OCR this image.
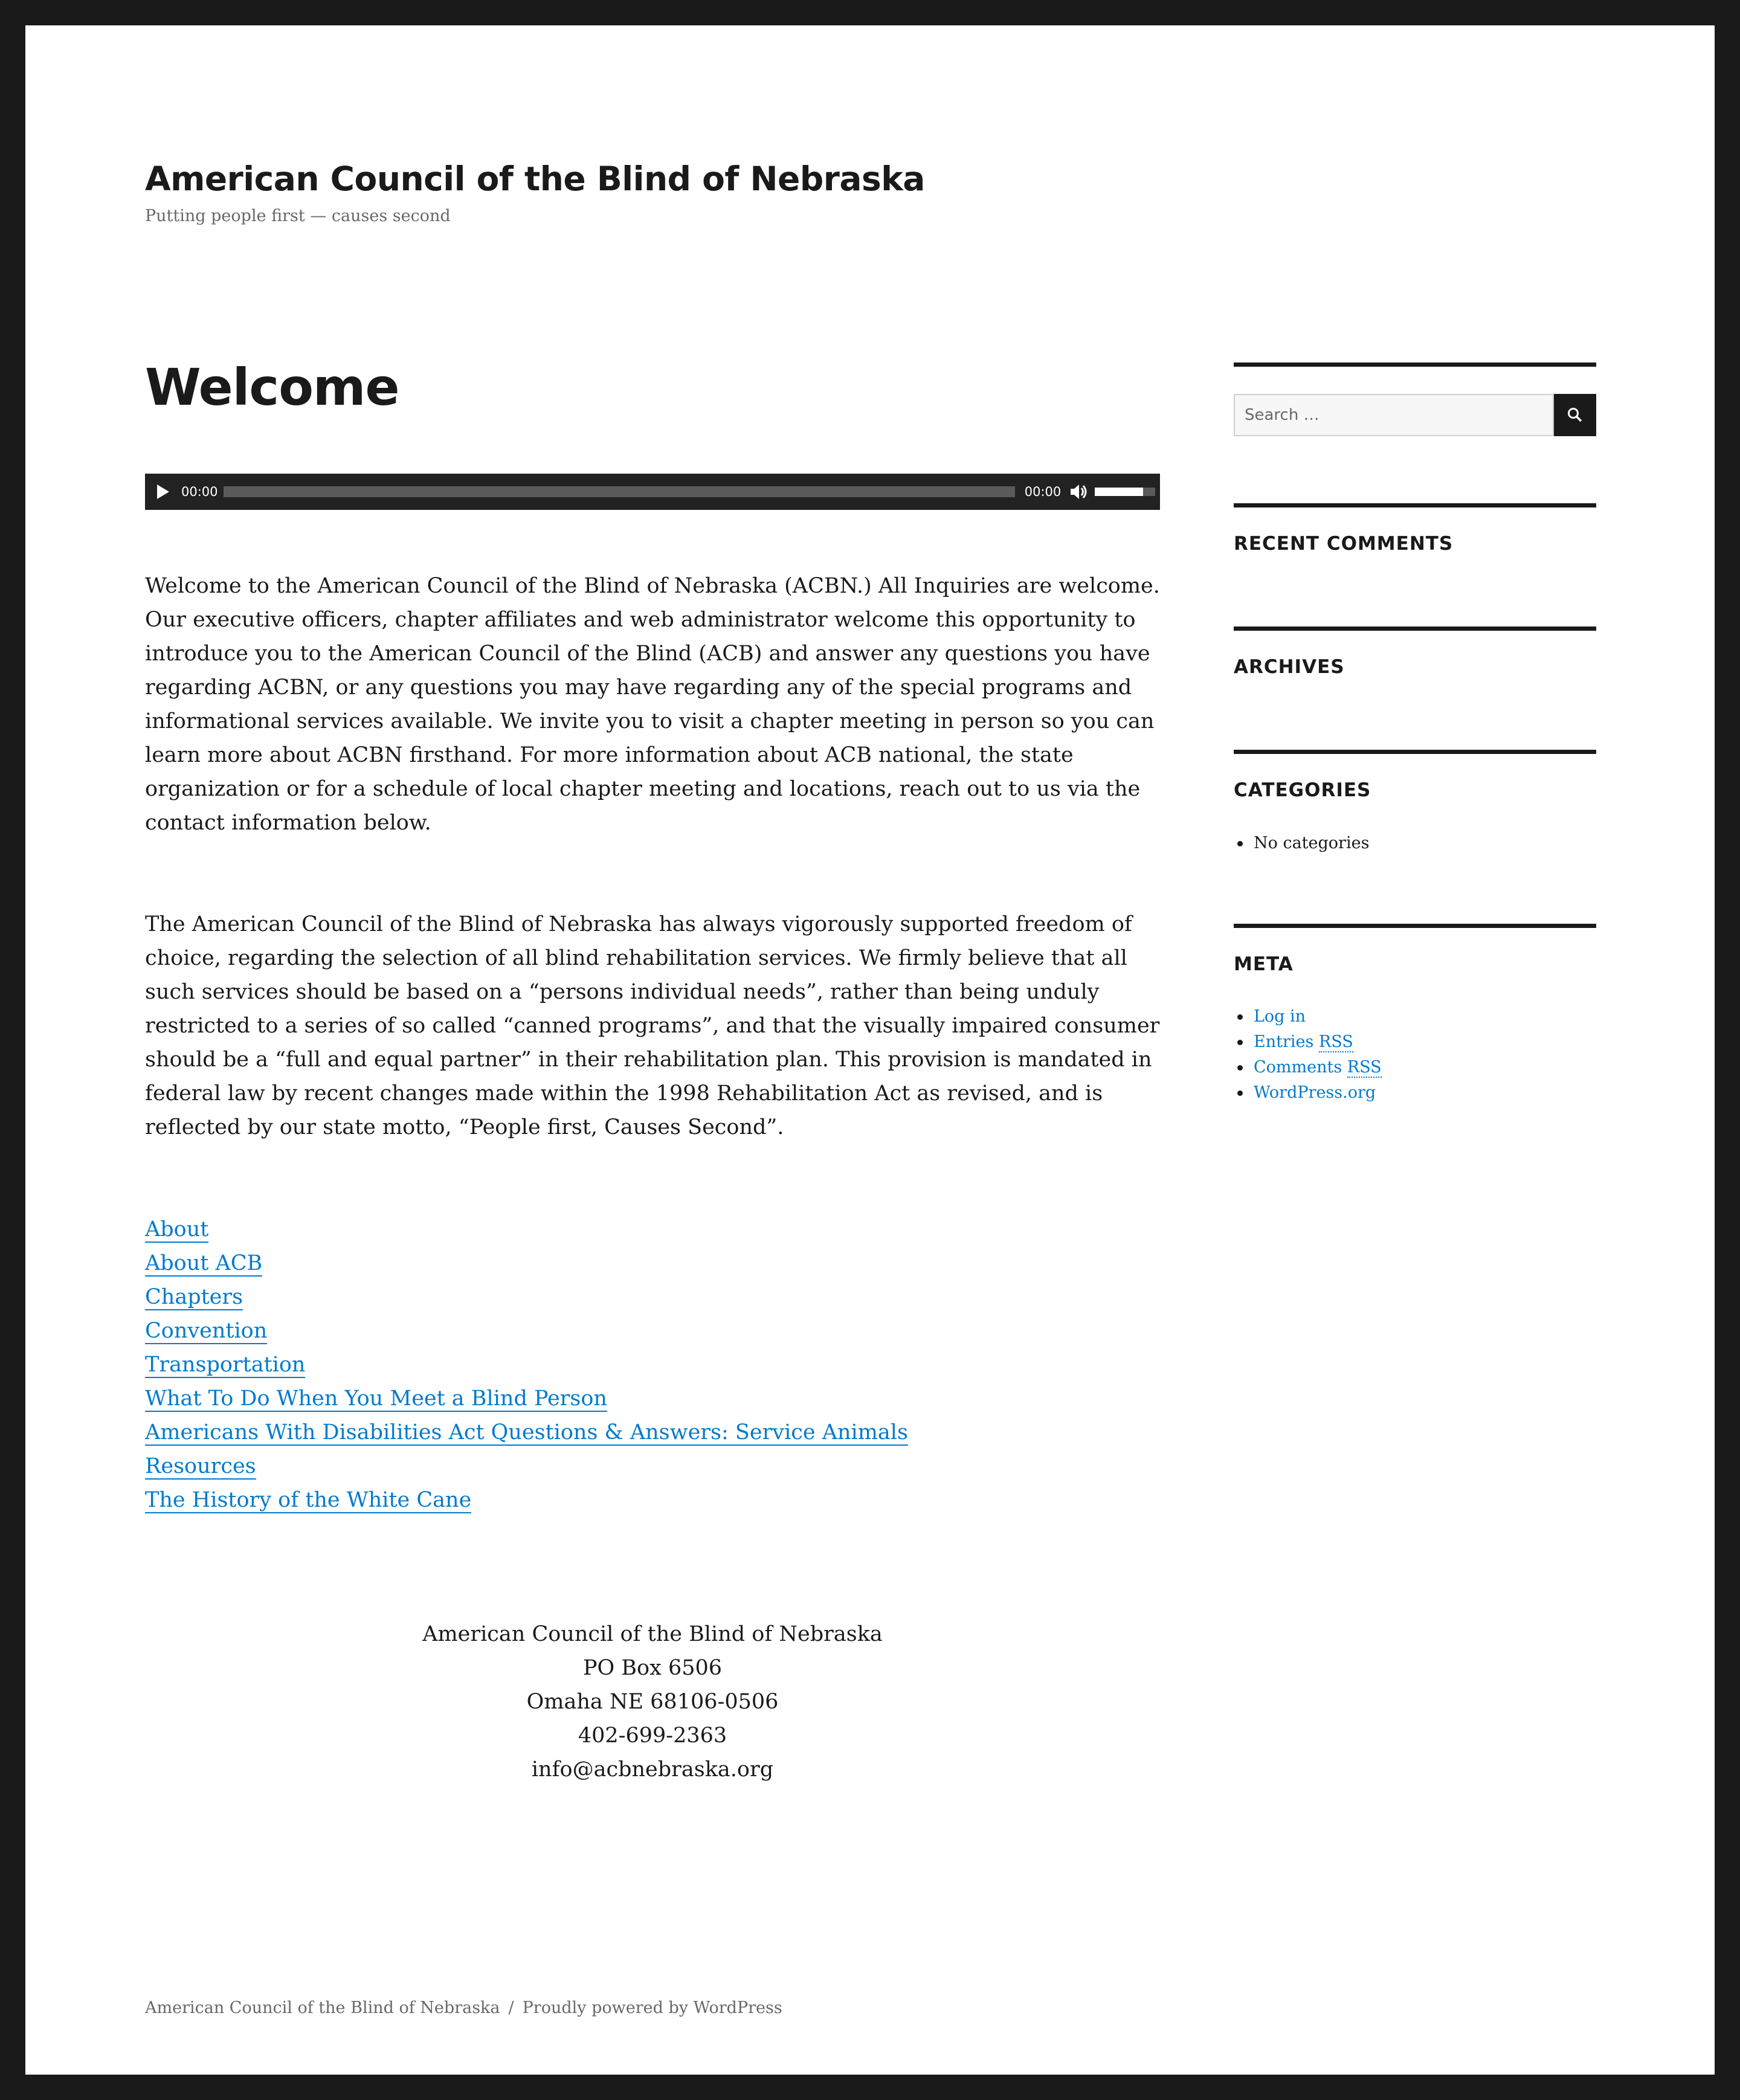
American Council of the Blind of Nebraska
Putting people first — causes second
Welcome
00:00	00:00

Welcome to the American Council of the Blind of Nebraska (ACBN.) All Inquiries are welcome. Our executive officers, chapter affiliates and web administrator welcome this opportunity to introduce you to the American Council of the Blind (ACB) and answer any questions you have regarding ACBN, or any questions you may have regarding any of the special programs and informational services available. We invite you to visit a chapter meeting in person so you can learn more about ACBN firsthand. For more information about ACB national, the state organization or for a schedule of local chapter meeting and locations, reach out to us via the contact information below.

The American Council of the Blind of Nebraska has always vigorously supported freedom of choice, regarding the selection of all blind rehabilitation services. We firmly believe that all such services should be based on a “persons individual needs”, rather than being unduly restricted to a series of so called “canned programs”, and that the visually impaired consumer should be a “full and equal partner” in their rehabilitation plan. This provision is mandated in federal law by recent changes made within the 1998 Rehabilitation Act as revised, and is reflected by our state motto, “People first, Causes Second”.

About
About ACB
Chapters
Convention
Transportation
What To Do When You Meet a Blind Person
Americans With Disabilities Act Questions & Answers: Service Animals
Resources
The History of the White Cane
American Council of the Blind of Nebraska
PO Box 6506
Omaha NE 68106-0506
402-699-2363
info@acbnebraska.org
American Council of the Blind of Nebraska / Proudly powered by WordPress
Search …
RECENT COMMENTS
ARCHIVES
CATEGORIES
No categories
META
Log in
Entries RSS
Comments RSS
WordPress.org
